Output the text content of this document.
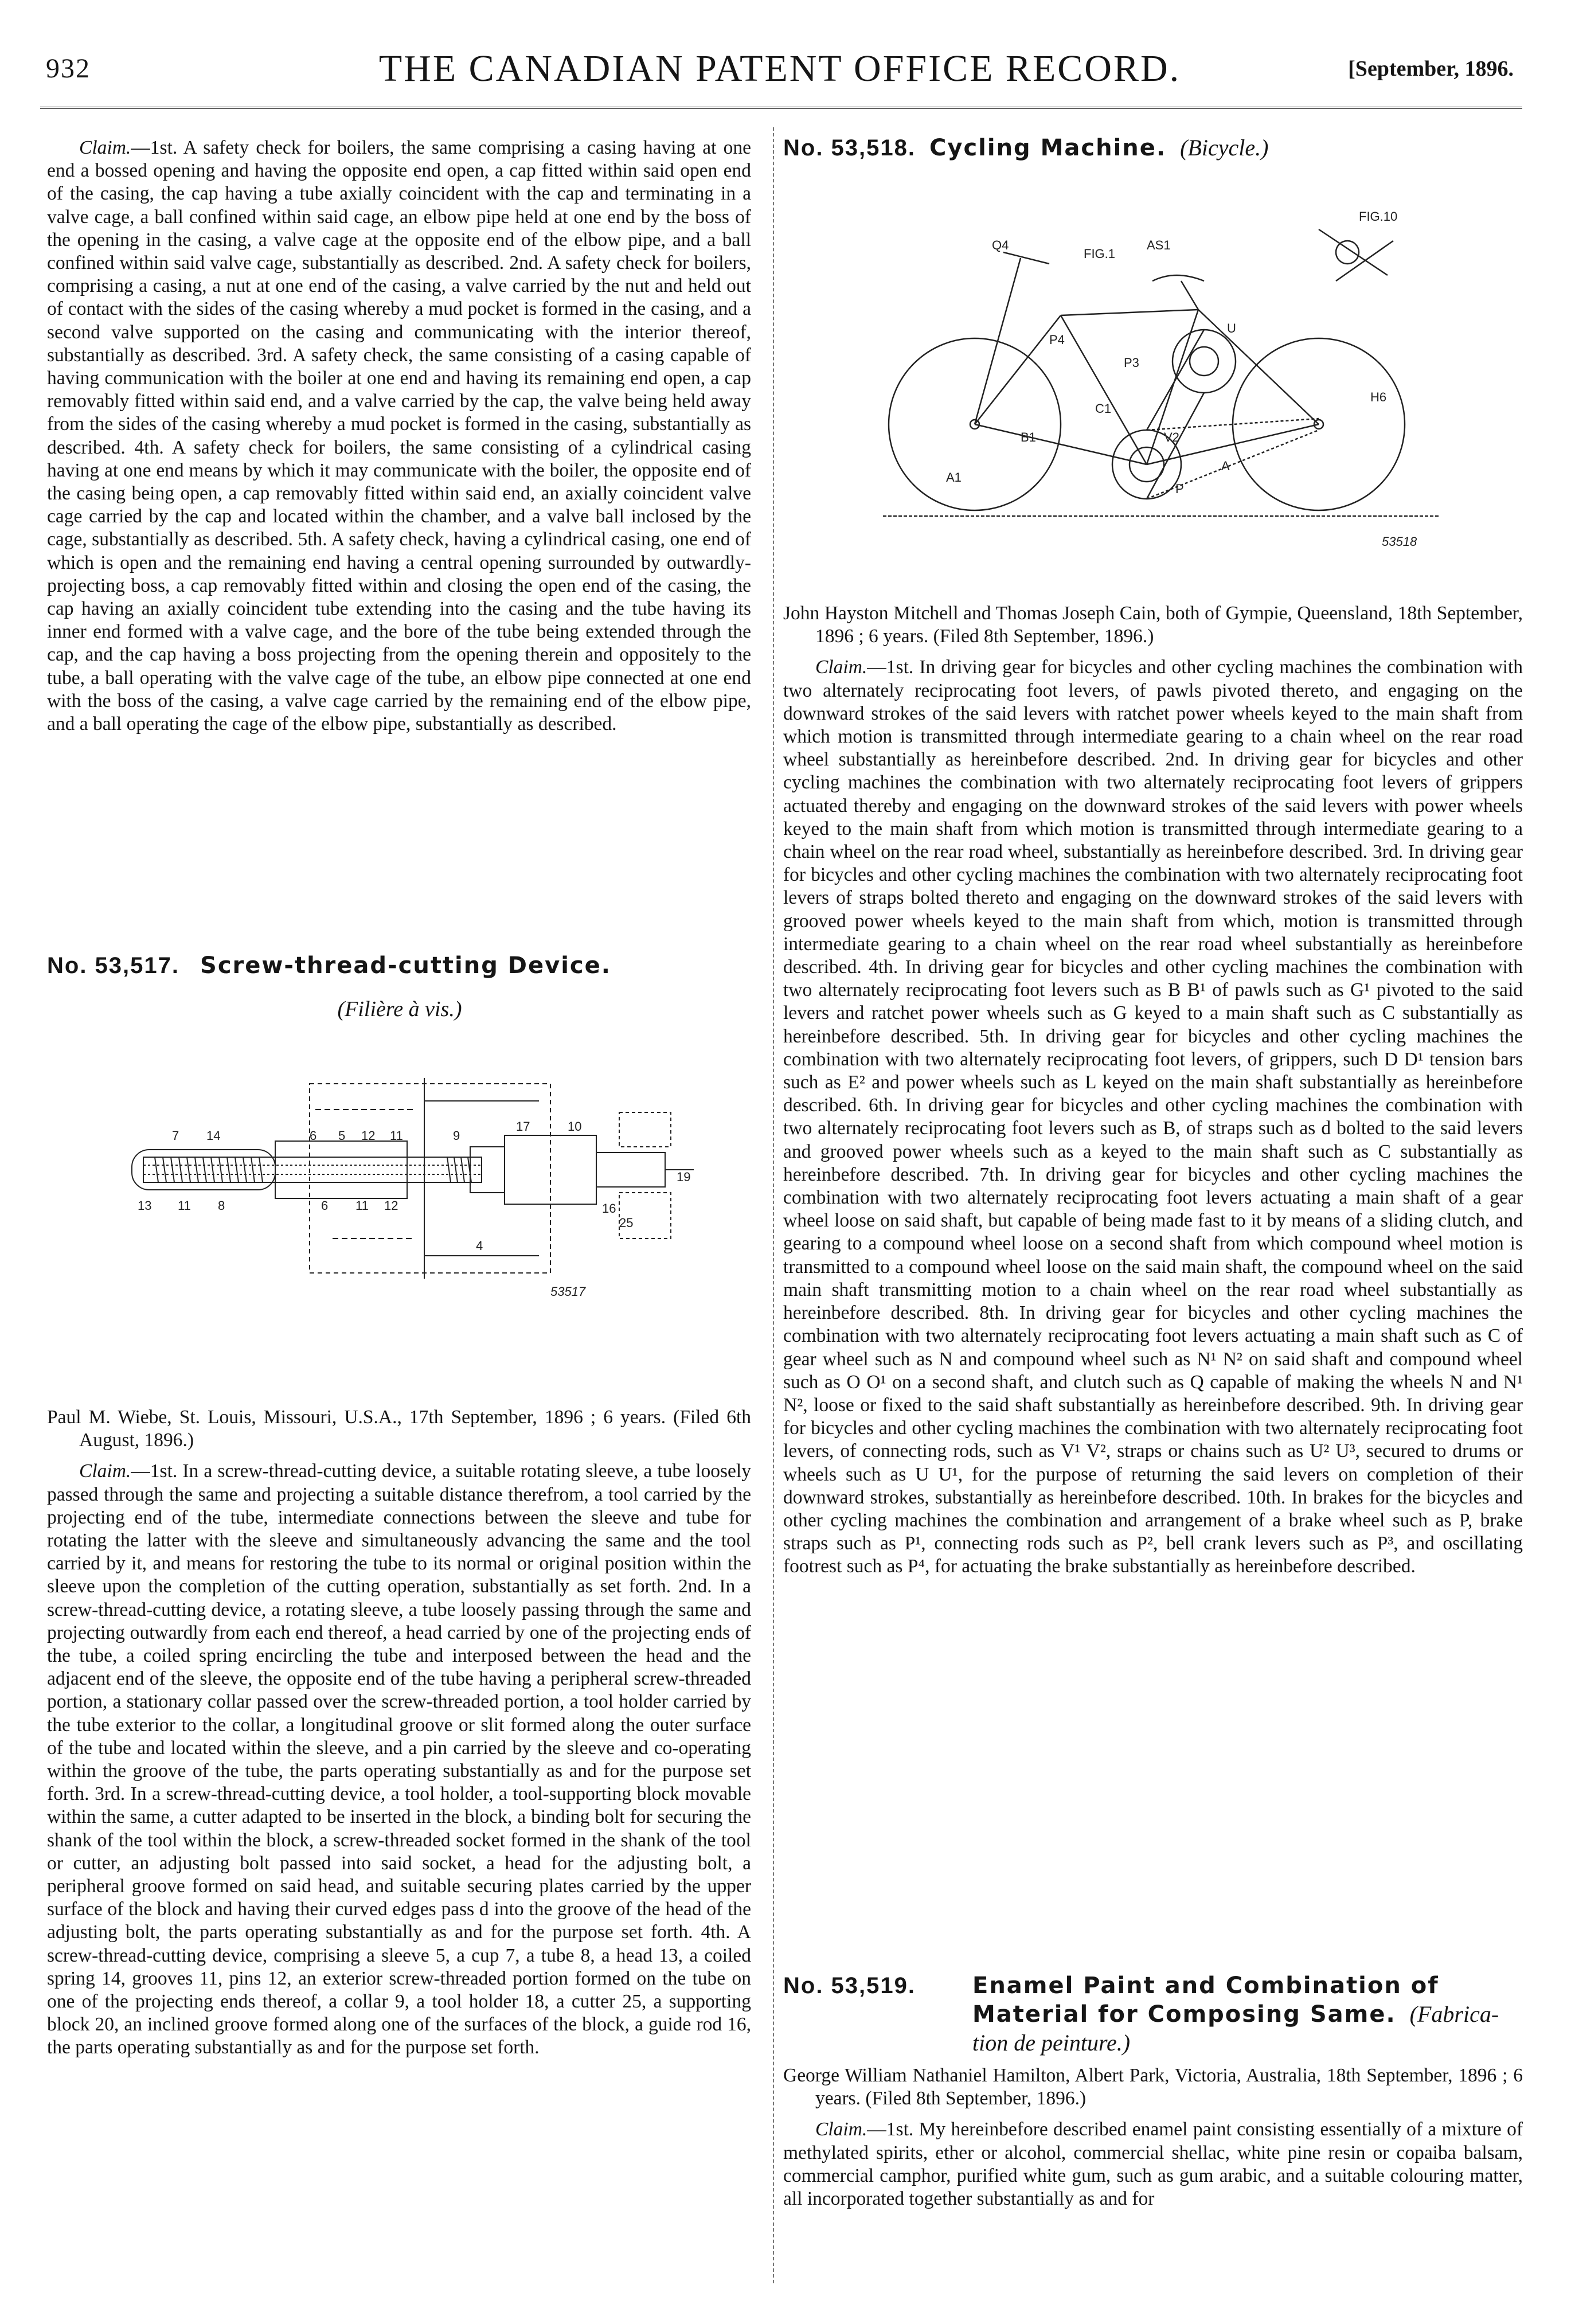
932	THE CANADIAN PATENT OFFICE RECORD.	[September, 1896.

Claim.—1st. A safety check for boilers, the same comprising a casing having at one end a bossed opening and having the opposite end open, a cap fitted within said open end of the casing, the cap having a tube axially coincident with the cap and terminating in a valve cage, a ball confined within said cage, an elbow pipe held at one end by the boss of the opening in the casing, a valve cage at the opposite end of the elbow pipe, and a ball confined within said valve cage, substantially as described. 2nd. A safety check for boilers, comprising a casing, a nut at one end of the casing, a valve carried by the nut and held out of contact with the sides of the casing whereby a mud pocket is formed in the casing, and a second valve supported on the casing and communicating with the interior thereof, substantially as described. 3rd. A safety check, the same consisting of a casing capable of having communication with the boiler at one end and having its remaining end open, a cap removably fitted within said end, and a valve carried by the cap, the valve being held away from the sides of the casing whereby a mud pocket is formed in the casing, substantially as described. 4th. A safety check for boilers, the same consisting of a cylindrical casing having at one end means by which it may communicate with the boiler, the opposite end of the casing being open, a cap removably fitted within said end, an axially coincident valve cage carried by the cap and located within the chamber, and a valve ball inclosed by the cage, substantially as described. 5th. A safety check, having a cylindrical casing, one end of which is open and the remaining end having a central opening surrounded by outwardly-projecting boss, a cap removably fitted within and closing the open end of the casing, the cap having an axially coincident tube extending into the casing and the tube having its inner end formed with a valve cage, and the bore of the tube being extended through the cap, and the cap having a boss projecting from the opening therein and oppositely to the tube, a ball operating with the valve cage of the tube, an elbow pipe connected at one end with the boss of the casing, a valve cage carried by the remaining end of the elbow pipe, and a ball operating the cage of the elbow pipe, substantially as described.

No. 53,517. Screw-thread-cutting Device.
(Filière à vis.)
7 14	6 5 12 11	9
17	10
13 11 8	6 11 12	16
25
19
4
53517

Paul M. Wiebe, St. Louis, Missouri, U.S.A., 17th September, 1896 ; 6 years. (Filed 6th August, 1896.)

Claim.—1st. In a screw-thread-cutting device, a suitable rotating sleeve, a tube loosely passed through the same and projecting a suitable distance therefrom, a tool carried by the projecting end of the tube, intermediate connections between the sleeve and tube for rotating the latter with the sleeve and simultaneously advancing the same and the tool carried by it, and means for restoring the tube to its normal or original position within the sleeve upon the completion of the cutting operation, substantially as set forth. 2nd. In a screw-thread-cutting device, a rotating sleeve, a tube loosely passing through the same and projecting outwardly from each end thereof, a head carried by one of the projecting ends of the tube, a coiled spring encircling the tube and interposed between the head and the adjacent end of the sleeve, the opposite end of the tube having a peripheral screw-threaded portion, a stationary collar passed over the screw-threaded portion, a tool holder carried by the tube exterior to the collar, a longitudinal groove or slit formed along the outer surface of the tube and located within the sleeve, and a pin carried by the sleeve and co-operating within the groove of the tube, the parts operating substantially as and for the purpose set forth. 3rd. In a screw-thread-cutting device, a tool holder, a tool-supporting block movable within the same, a cutter adapted to be inserted in the block, a binding bolt for securing the shank of the tool within the block, a screw-threaded socket formed in the shank of the tool or cutter, an adjusting bolt passed into said socket, a head for the adjusting bolt, a peripheral groove formed on said head, and suitable securing plates carried by the upper surface of the block and having their curved edges pass d into the groove of the head of the adjusting bolt, the parts operating substantially as and for the purpose set forth. 4th. A screw-thread-cutting device, comprising a sleeve 5, a cup 7, a tube 8, a head 13, a coiled spring 14, grooves 11, pins 12, an exterior screw-threaded portion formed on the tube on one of the projecting ends thereof, a collar 9, a tool holder 18, a cutter 25, a supporting block 20, an inclined groove formed along one of the surfaces of the block, a guide rod 16, the parts operating substantially as and for the purpose set forth.

No. 53,518. Cycling Machine. (Bicycle.)
Q4
FIG.1
AS1
FIG.10
P4
P3
U
C1
B1	V2
P
H6
A
A1
53518

John Hayston Mitchell and Thomas Joseph Cain, both of Gympie, Queensland, 18th September, 1896 ; 6 years. (Filed 8th September, 1896.)

Claim.—1st. In driving gear for bicycles and other cycling machines the combination with two alternately reciprocating foot levers, of pawls pivoted thereto, and engaging on the downward strokes of the said levers with ratchet power wheels keyed to the main shaft from which motion is transmitted through intermediate gearing to a chain wheel on the rear road wheel substantially as hereinbefore described. 2nd. In driving gear for bicycles and other cycling machines the combination with two alternately reciprocating foot levers of grippers actuated thereby and engaging on the downward strokes of the said levers with power wheels keyed to the main shaft from which motion is transmitted through intermediate gearing to a chain wheel on the rear road wheel, substantially as hereinbefore described. 3rd. In driving gear for bicycles and other cycling machines the combination with two alternately reciprocating foot levers of straps bolted thereto and engaging on the downward strokes of the said levers with grooved power wheels keyed to the main shaft from which, motion is transmitted through intermediate gearing to a chain wheel on the rear road wheel substantially as hereinbefore described. 4th. In driving gear for bicycles and other cycling machines the combination with two alternately reciprocating foot levers such as B B¹ of pawls such as G¹ pivoted to the said levers and ratchet power wheels such as G keyed to a main shaft such as C substantially as hereinbefore described. 5th. In driving gear for bicycles and other cycling machines the combination with two alternately reciprocating foot levers, of grippers, such D D¹ tension bars such as E² and power wheels such as L keyed on the main shaft substantially as hereinbefore described. 6th. In driving gear for bicycles and other cycling machines the combination with two alternately reciprocating foot levers such as B, of straps such as d bolted to the said levers and grooved power wheels such as a keyed to the main shaft such as C substantially as hereinbefore described. 7th. In driving gear for bicycles and other cycling machines the combination with two alternately reciprocating foot levers actuating a main shaft of a gear wheel loose on said shaft, but capable of being made fast to it by means of a sliding clutch, and gearing to a compound wheel loose on a second shaft from which compound wheel motion is transmitted to a compound wheel loose on the said main shaft, the compound wheel on the said main shaft transmitting motion to a chain wheel on the rear road wheel substantially as hereinbefore described. 8th. In driving gear for bicycles and other cycling machines the combination with two alternately reciprocating foot levers actuating a main shaft such as C of gear wheel such as N and compound wheel such as N¹ N² on said shaft and compound wheel such as O O¹ on a second shaft, and clutch such as Q capable of making the wheels N and N¹ N², loose or fixed to the said shaft substantially as hereinbefore described. 9th. In driving gear for bicycles and other cycling machines the combination with two alternately reciprocating foot levers, of connecting rods, such as V¹ V², straps or chains such as U² U³, secured to drums or wheels such as U U¹, for the purpose of returning the said levers on completion of their downward strokes, substantially as hereinbefore described. 10th. In brakes for the bicycles and other cycling machines the combination and arrangement of a brake wheel such as P, brake straps such as P¹, connecting rods such as P², bell crank levers such as P³, and oscillating footrest such as P⁴, for actuating the brake substantially as hereinbefore described.

No. 53,519.	Enamel Paint and Combination of
Material for Composing Same. (Fabrica-
tion de peinture.)

George William Nathaniel Hamilton, Albert Park, Victoria, Australia, 18th September, 1896 ; 6 years. (Filed 8th September, 1896.)

Claim.—1st. My hereinbefore described enamel paint consisting essentially of a mixture of methylated spirits, ether or alcohol, commercial shellac, white pine resin or copaiba balsam, commercial camphor, purified white gum, such as gum arabic, and a suitable colouring matter, all incorporated together substantially as and for
